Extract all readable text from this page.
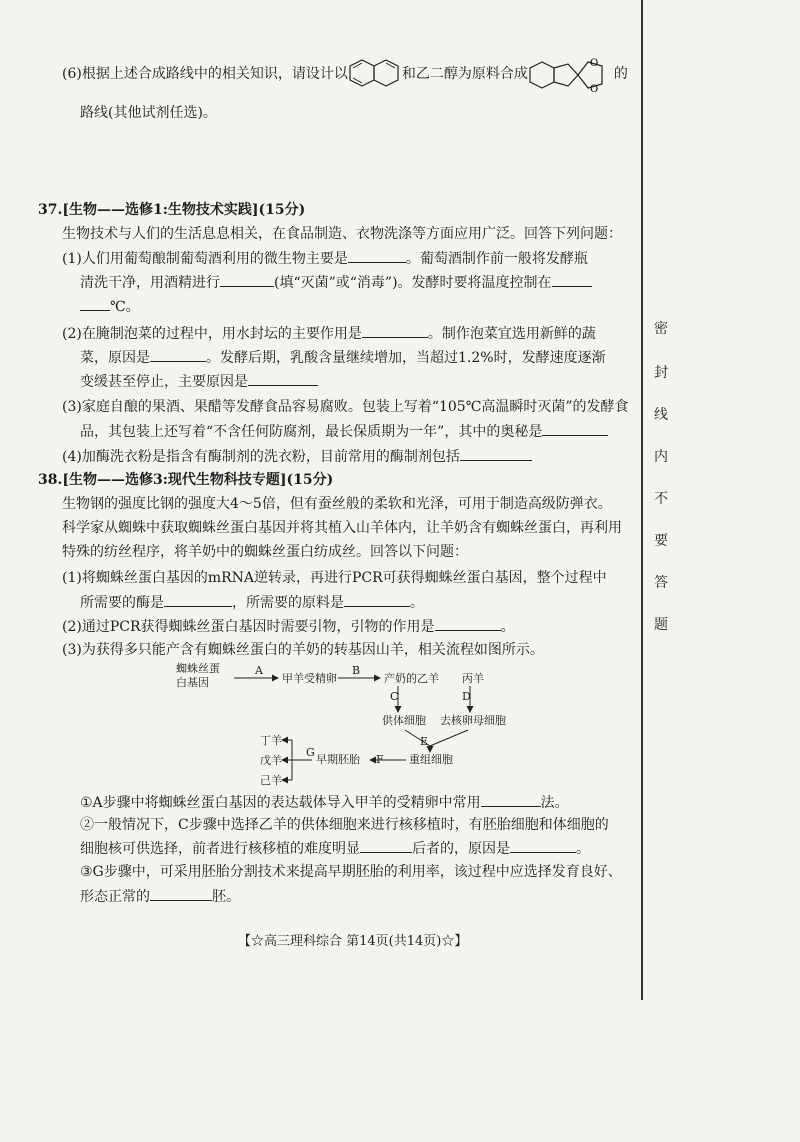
(6)根据上述合成路线中的相关知识，请设计以	和乙二醇为原料合成
O
O
的
路线(其他试剂任选)。
37.[生物——选修1:生物技术实践](15分)
生物技术与人们的生活息息相关，在食品制造、衣物洗涤等方面应用广泛。回答下列问题：
(1)人们用葡萄酿制葡萄酒利用的微生物主要是	。葡萄酒制作前一般将发酵瓶
清洗干净，用酒精进行	(填“灭菌”或“消毒”)。发酵时要将温度控制在
℃。
(2)在腌制泡菜的过程中，用水封坛的主要作用是	。制作泡菜宜选用新鲜的蔬
菜，原因是	。发酵后期，乳酸含量继续增加，当超过1.2%时，发酵速度逐渐
变缓甚至停止，主要原因是
(3)家庭自酿的果酒、果醋等发酵食品容易腐败。包装上写着“105℃高温瞬时灭菌”的发酵食
品，其包装上还写着“不含任何防腐剂，最长保质期为一年”，其中的奥秘是
(4)加酶洗衣粉是指含有酶制剂的洗衣粉，目前常用的酶制剂包括
38.[生物——选修3:现代生物科技专题](15分)
生物钢的强度比钢的强度大4～5倍，但有蚕丝般的柔软和光泽，可用于制造高级防弹衣。
科学家从蜘蛛中获取蜘蛛丝蛋白基因并将其植入山羊体内，让羊奶含有蜘蛛丝蛋白，再利用
特殊的纺丝程序，将羊奶中的蜘蛛丝蛋白纺成丝。回答以下问题：
(1)将蜘蛛丝蛋白基因的mRNA逆转录，再进行PCR可获得蜘蛛丝蛋白基因，整个过程中
所需要的酶是	，所需要的原料是	。
(2)通过PCR获得蜘蛛丝蛋白基因时需要引物，引物的作用是	。
(3)为获得多只能产含有蜘蛛丝蛋白的羊奶的转基因山羊，相关流程如图所示。
蜘蛛丝蛋
白基因
A
甲羊受精卵
B
产奶的乙羊 丙羊
C	D
供体细胞 去核卵母细胞
E
F 重组细胞
早期胚胎
G
丁羊
戊羊
己羊
①A步骤中将蜘蛛丝蛋白基因的表达载体导入甲羊的受精卵中常用	法。
②一般情况下，C步骤中选择乙羊的供体细胞来进行核移植时，有胚胎细胞和体细胞的
细胞核可供选择，前者进行核移植的难度明显	后者的，原因是	。
③G步骤中，可采用胚胎分割技术来提高早期胚胎的利用率，该过程中应选择发育良好、
形态正常的	胚。
【☆高三理科综合 第14页(共14页)☆】
密
封
线
内
不
要
答
题
